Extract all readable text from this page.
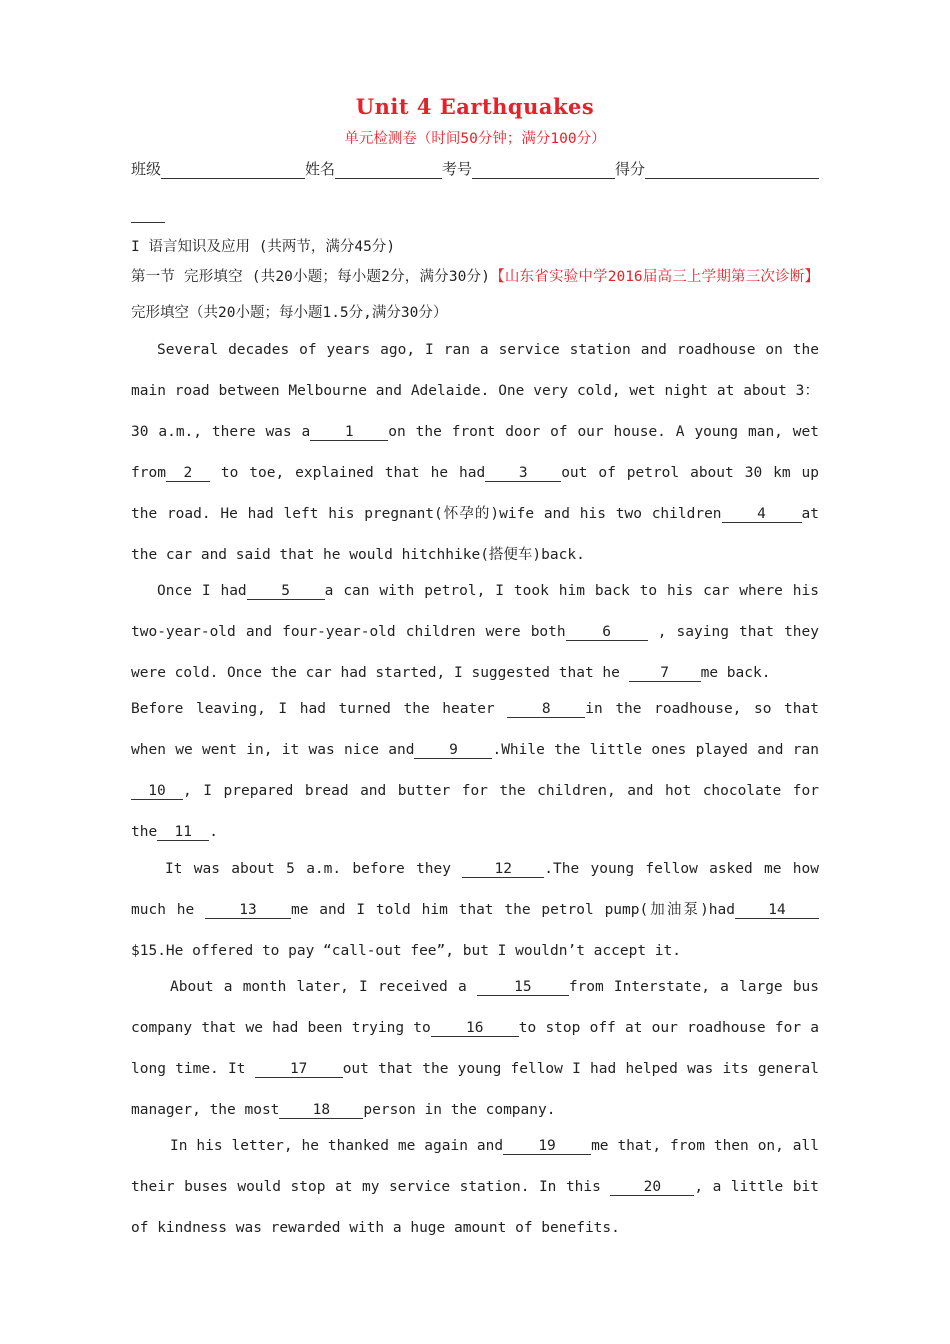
Unit 4 Earthquakes
单元检测卷（时间50分钟；满分100分）
班级	姓名	考号	得分
I 语言知识及应用 (共两节，满分45分)
第一节 完形填空 (共20小题；每小题2分，满分30分)【山东省实验中学2016届高三上学期第三次诊断】完形填空（共20小题；每小题1.5分,满分30分）
Several decades of years ago, I ran a service station and roadhouse on the main road between Melbourne and Adelaide. One very cold, wet night at about 3：30 a.m., there was a 1 on the front door of our house. A young man, wet from 2 to toe, explained that he had 3 out of petrol about 30 km up the road. He had left his pregnant(怀孕的)wife and his two children 4 at the car and said that he would hitchhike(搭便车)back.
Once I had 5 a can with petrol, I took him back to his car where his two-year-old and four-year-old children were both	6	, saying that they were cold. Once the car had started, I suggested that he 7 me back.
Before leaving, I had turned the heater 8 in the roadhouse, so that when we went in, it was nice and 9 .While the little ones played and ran10 , I prepared bread and butter for the children, and hot chocolate for the 11 .
It was about 5 a.m. before they 12 .The young fellow asked me how much he 13 me and I told him that the petrol pump(加油泵)had 14$15.He offered to pay “call-out fee”, but I wouldn’t accept it.
About a month later, I received a	15	from Interstate, a large bus company that we had been trying to 16 to stop off at our roadhouse for a long time. It 17 out that the young fellow I had helped was its general manager, the most 18 person in the company.
In his letter, he thanked me again and 19 me that, from then on, all their buses would stop at my service station. In this 20 , a little bit of kindness was rewarded with a huge amount of benefits.
